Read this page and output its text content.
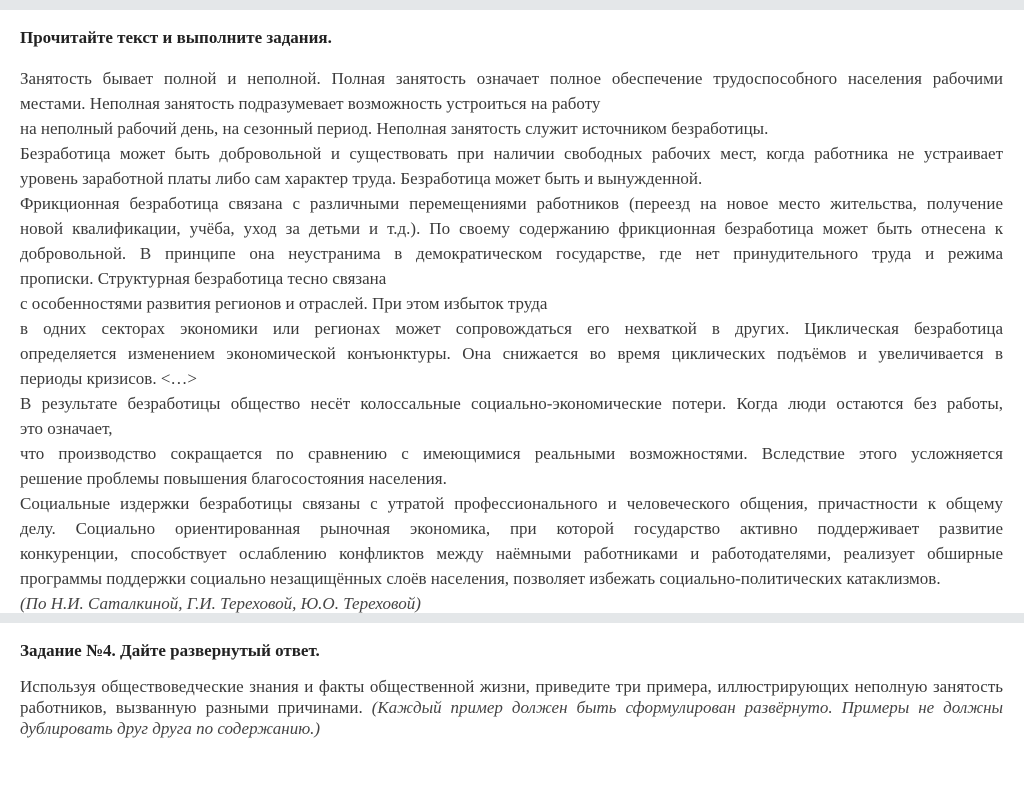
Прочитайте текст и выполните задания.

Занятость бывает полной и неполной. Полная занятость означает полное обеспечение трудоспособного населения рабочими
местами. Неполная занятость подразумевает возможность устроиться на работу
на неполный рабочий день, на сезонный период. Неполная занятость служит источником безработицы.
Безработица может быть добровольной и существовать при наличии свободных рабочих мест, когда работника не устраивает
уровень заработной платы либо сам характер труда. Безработица может быть и вынужденной.
Фрикционная безработица связана с различными перемещениями работников (переезд на новое место жительства, получение
новой квалификации, учёба, уход за детьми и т.д.). По своему содержанию фрикционная безработица может быть отнесена к
добровольной. В принципе она неустранима в демократическом государстве, где нет принудительного труда и режима
прописки. Структурная безработица тесно связана
с особенностями развития регионов и отраслей. При этом избыток труда
в одних секторах экономики или регионах может сопровождаться его нехваткой в других. Циклическая безработица
определяется изменением экономической конъюнктуры. Она снижается во время циклических подъёмов и увеличивается в
периоды кризисов. <…>
В результате безработицы общество несёт колоссальные социально-экономические потери. Когда люди остаются без работы,
это означает,
что производство сокращается по сравнению с имеющимися реальными возможностями. Вследствие этого усложняется
решение проблемы повышения благосостояния населения.
Социальные издержки безработицы связаны с утратой профессионального и человеческого общения, причастности к общему
делу. Социально ориентированная рыночная экономика, при которой государство активно поддерживает развитие
конкуренции, способствует ослаблению конфликтов между наёмными работниками и работодателями, реализует обширные
программы поддержки социально незащищённых слоёв населения, позволяет избежать социально-политических катаклизмов.
(По Н.И. Саталкиной, Г.И. Тереховой, Ю.О. Тереховой)

Задание №4. Дайте развернутый ответ.

Используя обществоведческие знания и факты общественной жизни, приведите три примера, иллюстрирующих неполную занятость работников, вызванную разными причинами. (Каждый пример должен быть сформулирован развёрнуто. Примеры не должны дублировать друг друга по содержанию.)
